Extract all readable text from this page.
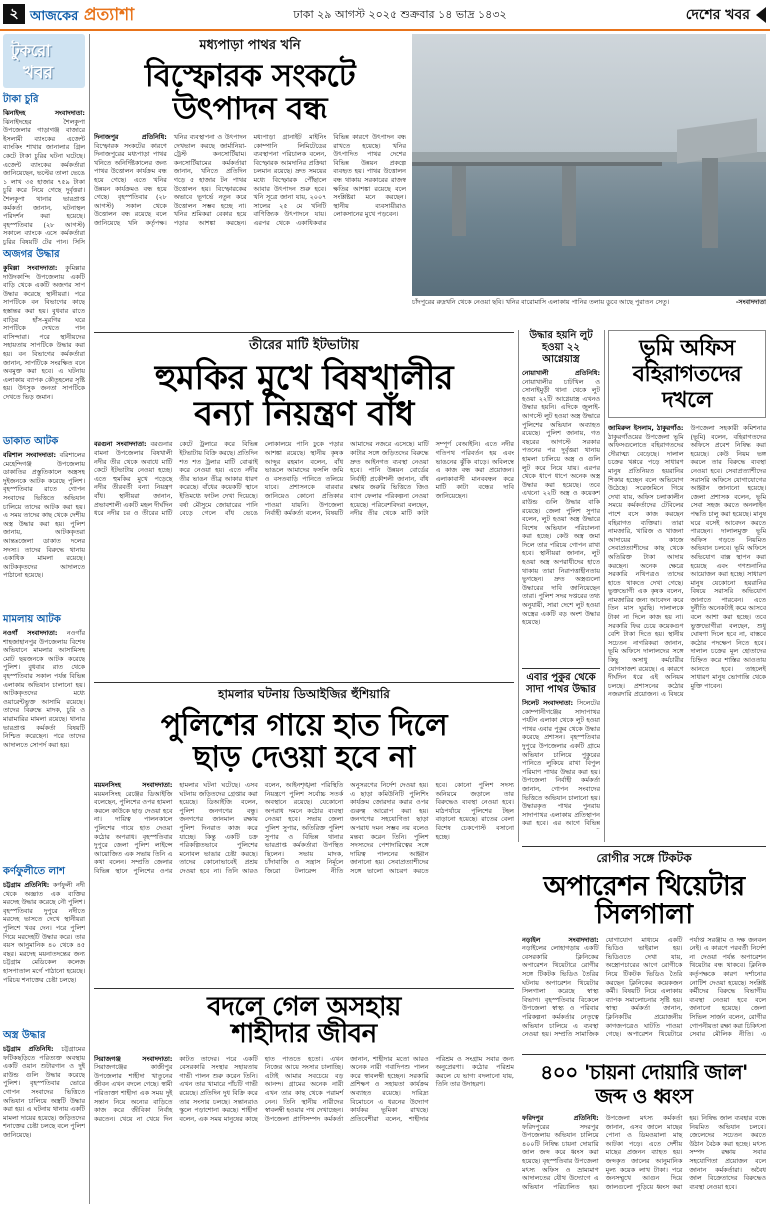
২ আজকের প্রত্যাশা	ঢাকা ২৯ আগস্ট ২০২৫ শুক্রবার ১৪ ভাদ্র ১৪৩২	দেশের খবর
টুকরো
খবর
টাকা চুরি
ঝিনাইদহ সংবাদদাতা: ঝিনাইদহের শৈলকুপা উপজেলার গাড়াগঞ্জ বাজারে ইসলামী ব্যাংকের এজেন্ট ব্যাংকিং শাখার জানালার গ্রিল কেটে টাকা চুরির ঘটনা ঘটেছে। এজেন্ট ব্যাংকের কর্মকর্তারা জানিয়েছেন, ভল্টের তালা ভেঙে ১ লাখ ৩৫ হাজার ৭৫৯ টাকা চুরি করে নিয়ে গেছে দুর্বৃত্তরা। শৈলকুপা থানার ভারপ্রাপ্ত কর্মকর্তা জানান, ঘটনাস্থল পরিদর্শন করা হয়েছে। বৃহস্পতিবার (২৮ আগস্ট) সকালে ব্যাংকে এসে কর্মকর্তারা চুরির বিষয়টি টের পান। সিসি
অজগর উদ্ধার
কুমিল্লা সংবাদদাতা: কুমিল্লার দাউদকান্দি উপজেলায় একটি বাড়ি থেকে একটি অজগর সাপ উদ্ধার করেছে স্থানীয়রা। পরে সাপটিকে বন বিভাগের কাছে হস্তান্তর করা হয়। বুধবার রাতে বাড়ির হাঁস-মুরগির ঘরে সাপটিকে দেখতে পান বাসিন্দারা। পরে স্থানীয়দের সহায়তায় সাপটিকে উদ্ধার করা হয়। বন বিভাগের কর্মকর্তারা জানান, সাপটিকে সংরক্ষিত বনে অবমুক্ত করা হবে। এ ঘটনায় এলাকায় ব্যাপক কৌতূহলের সৃষ্টি হয়। উৎসুক জনতা সাপটিকে দেখতে ভিড় জমান।
ডাকাত আটক
বরিশাল সংবাদদাতা: বরিশালের মেহেন্দিগঞ্জ উপজেলায় ডাকাতির প্রস্তুতিকালে অস্ত্রসহ দুইজনকে আটক করেছে পুলিশ। বৃহস্পতিবার রাতে গোপন সংবাদের ভিত্তিতে অভিযান চালিয়ে তাদের আটক করা হয়। এ সময় তাদের কাছ থেকে দেশীয় অস্ত্র উদ্ধার করা হয়। পুলিশ জানায়, আটককৃতরা আন্তঃজেলা ডাকাত দলের সদস্য। তাদের বিরুদ্ধে থানায় একাধিক মামলা রয়েছে। আটককৃতদের আদালতে পাঠানো হয়েছে।
মামলায় আটক
নওগাঁ সংবাদদাতা: নওগাঁর শাহজাহানপুর উপজেলায় বিশেষ অভিযানে মামলার আসামিসহ মোট ছয়জনকে আটক করেছে পুলিশ। বুধবার রাত থেকে বৃহস্পতিবার সকাল পর্যন্ত বিভিন্ন এলাকায় অভিযান চালানো হয়। আটককৃতদের মধ্যে ওয়ারেন্টভুক্ত আসামি রয়েছে। তাদের বিরুদ্ধে মাদক, চুরি ও মারামারির মামলা রয়েছে। থানার ভারপ্রাপ্ত কর্মকর্তা বিষয়টি নিশ্চিত করেছেন। পরে তাদের আদালতে সোপর্দ করা হয়।
কর্ণফুলীতে লাশ
চট্টগ্রাম প্রতিনিধি: কর্ণফুলী নদী থেকে অজ্ঞাত এক ব্যক্তির মরদেহ উদ্ধার করেছে নৌ পুলিশ। বৃহস্পতিবার দুপুরে নদীতে মরদেহ ভাসতে দেখে স্থানীয়রা পুলিশে খবর দেন। পরে পুলিশ গিয়ে মরদেহটি উদ্ধার করে। তার বয়স আনুমানিক ৪০ থেকে ৪৫ বছর। মরদেহ ময়নাতদন্তের জন্য চট্টগ্রাম মেডিকেল কলেজ হাসপাতাল মর্গে পাঠানো হয়েছে। পরিচয় শনাক্তের চেষ্টা চলছে।
অস্ত্র উদ্ধার
চট্টগ্রাম প্রতিনিধি: চট্টগ্রামের ফটিকছড়িতে পরিত্যক্ত অবস্থায় একটি ওয়ান শুটারগান ও দুই রাউন্ড গুলি উদ্ধার করেছে পুলিশ। বৃহস্পতিবার ভোরে গোপন সংবাদের ভিত্তিতে অভিযান চালিয়ে অস্ত্রটি উদ্ধার করা হয়। এ ঘটনায় থানায় একটি মামলা দায়ের হয়েছে। জড়িতদের শনাক্তের চেষ্টা চলছে বলে পুলিশ জানিয়েছে।
মধ্যপাড়া পাথর খনি
বিস্ফোরক সংকটে
উৎপাদন বন্ধ
দিনাজপুর প্রতিনিধি: বিস্ফোরক সংকটের কারণে দিনাজপুরের মধ্যপাড়া পাথর খনিতে অনির্দিষ্টকালের জন্য পাথর উত্তোলন কার্যক্রম বন্ধ হয়ে গেছে। এতে খনির উন্নয়ন কার্যক্রমও বন্ধ হয়ে গেছে। বৃহস্পতিবার (২৮ আগস্ট) সকাল থেকে উত্তোলন বন্ধ রয়েছে বলে জানিয়েছে খনি কর্তৃপক্ষ। খনির ব্যবস্থাপনা ও উৎপাদন দেখভাল করছে জার্মানিয়া-ট্রেস্ট কনসোর্টিয়াম। কনসোর্টিয়ামের কর্মকর্তারা জানান, খনিতে প্রতিদিন গড়ে ৫ হাজার টন পাথর উত্তোলন হয়। বিস্ফোরকের অভাবে ভূগর্ভে নতুন করে উত্তোলন সম্ভব হচ্ছে না। খনির শ্রমিকরা বেকার হয়ে পড়ার আশঙ্কা করছেন। মধ্যপাড়া গ্রানাইট মাইনিং কোম্পানি লিমিটেডের ব্যবস্থাপনা পরিচালক বলেন, বিস্ফোরক আমদানির প্রক্রিয়া চলমান রয়েছে। দ্রুত সময়ের মধ্যে বিস্ফোরক পৌঁছালে আবার উৎপাদন শুরু হবে। খনি সূত্রে জানা যায়, ২০০৭ সালের ২৫ মে খনিটি বাণিজ্যিক উৎপাদনে যায়। এরপর থেকে একাধিকবার বিভিন্ন কারণে উৎপাদন বন্ধ রাখতে হয়েছে। খনির উৎপাদিত পাথর দেশের বিভিন্ন উন্নয়ন প্রকল্পে ব্যবহৃত হয়। পাথর উত্তোলন বন্ধ থাকায় সরকারের রাজস্ব ক্ষতির আশঙ্কা রয়েছে বলে সংশ্লিষ্টরা মনে করছেন। স্থানীয় ব্যবসায়ীরাও লোকসানের মুখে পড়বেন।
চাঁদপুরের রুদ্রখনি থেকে নেওয়া ছবি। খনির বারোমাসি এলাকায় পানির তলায় ডুবে আছে পুরাতন সেতু।	-সংবাদদাতা
তীরের মাটি ইটভাটায়
হুমকির মুখে বিষখালীর
বন্যা নিয়ন্ত্রণ বাঁধ
বরগুনা সংবাদদাতা: বরগুনার বামনা উপজেলার বিষখালী নদীর তীর থেকে অবাধে মাটি কেটে ইটভাটায় নেওয়া হচ্ছে। এতে হুমকির মুখে পড়েছে নদীর তীরবর্তী বন্যা নিয়ন্ত্রণ বাঁধ। স্থানীয়রা জানান, প্রভাবশালী একটি মহল দীর্ঘদিন ধরে নদীর চর ও তীরের মাটি কেটে ট্রলারে করে বিভিন্ন ইটভাটায় বিক্রি করছে। প্রতিদিন শত শত ট্রলার মাটি বোঝাই করে নেওয়া হয়। এতে নদীর তীর ভাঙন তীব্র আকার ধারণ করেছে। বাঁধের কয়েকটি স্থানে ইতিমধ্যে ফাটল দেখা দিয়েছে। বর্ষা মৌসুমে জোয়ারের পানি বেড়ে গেলে বাঁধ ভেঙে লোকালয়ে পানি ঢুকে পড়ার আশঙ্কা রয়েছে। স্থানীয় কৃষক আব্দুর রহমান বলেন, বাঁধ ভাঙলে আমাদের ফসলি জমি ও বসতবাড়ি পানিতে তলিয়ে যাবে। প্রশাসনকে বারবার জানিয়েও কোনো প্রতিকার পাওয়া যায়নি। উপজেলা নির্বাহী কর্মকর্তা বলেন, বিষয়টি আমাদের নজরে এসেছে। মাটি কাটার সঙ্গে জড়িতদের বিরুদ্ধে দ্রুত আইনগত ব্যবস্থা নেওয়া হবে। পানি উন্নয়ন বোর্ডের নির্বাহী প্রকৌশলী জানান, বাঁধ রক্ষায় জরুরি ভিত্তিতে জিও ব্যাগ ফেলার পরিকল্পনা নেওয়া হয়েছে। পরিবেশবিদরা বলছেন, নদীর তীর থেকে মাটি কাটা সম্পূর্ণ বেআইনি। এতে নদীর গতিপথ পরিবর্তন হয় এবং ভাঙনের ঝুঁকি বাড়ে। অবিলম্বে এ কাজ বন্ধ করা প্রয়োজন। এলাকাবাসী মানববন্ধন করে মাটি কাটা বন্ধের দাবি জানিয়েছেন।
উদ্ধার হয়নি লুট হওয়া ২২ আগ্নেয়াস্ত্র
নোয়াখালী প্রতিনিধি: নোয়াখালীর চাটখিল ও সোনাইমুড়ী থানা থেকে লুট হওয়া ২২টি আগ্নেয়াস্ত্র এখনও উদ্ধার হয়নি। এদিকে জুলাই-আগস্টে লুট হওয়া অস্ত্র উদ্ধারে পুলিশের অভিযান অব্যাহত রয়েছে। পুলিশ জানায়, গত বছরের আগস্টে সরকার পতনের পর দুর্বৃত্তরা থানায় হামলা চালিয়ে অস্ত্র ও গুলি লুট করে নিয়ে যায়। এরপর থেকে ধাপে ধাপে অনেক অস্ত্র উদ্ধার করা হয়েছে। তবে এখনো ২২টি অস্ত্র ও কয়েকশ রাউন্ড গুলি উদ্ধার বাকি রয়েছে। জেলা পুলিশ সুপার বলেন, লুট হওয়া অস্ত্র উদ্ধারে বিশেষ অভিযান পরিচালনা করা হচ্ছে। কেউ অস্ত্র জমা দিলে তার পরিচয় গোপন রাখা হবে। স্থানীয়রা জানান, লুট হওয়া অস্ত্র অপরাধীদের হাতে থাকায় তারা নিরাপত্তাহীনতায় ভুগছেন। দ্রুত অস্ত্রগুলো উদ্ধারের দাবি জানিয়েছেন তারা। পুলিশ সদর দপ্তরের তথ্য অনুযায়ী, সারা দেশে লুট হওয়া অস্ত্রের একটি বড় অংশ উদ্ধার হয়েছে।
এবার পুকুর থেকে সাদা পাথর উদ্ধার
সিলেট সংবাদদাতা: সিলেটের কোম্পানীগঞ্জের সাদাপাথর পর্যটন এলাকা থেকে লুট হওয়া পাথর এবার পুকুর থেকে উদ্ধার করেছে প্রশাসন। বৃহস্পতিবার দুপুরে উপজেলার একটি গ্রামে অভিযান চালিয়ে পুকুরের পানিতে লুকিয়ে রাখা বিপুল পরিমাণ পাথর উদ্ধার করা হয়। উপজেলা নির্বাহী কর্মকর্তা জানান, গোপন সংবাদের ভিত্তিতে অভিযান চালানো হয়। উদ্ধারকৃত পাথর পুনরায় সাদাপাথর এলাকায় প্রতিস্থাপন করা হবে। এর আগে বিভিন্ন
ভূমি অফিস
বহিরাগতদের
দখলে
জামিরুল ইসলাম, ঠাকুরগাঁও: ঠাকুরগাঁওয়ের উপজেলা ভূমি অফিসগুলোতে বহিরাগতদের দৌরাত্ম্য বেড়েছে। দালাল চক্রের খপ্পরে পড়ে সাধারণ মানুষ প্রতিনিয়ত হয়রানির শিকার হচ্ছেন বলে অভিযোগ উঠেছে। সরেজমিনে গিয়ে দেখা যায়, অফিস চলাকালীন সময়ে কর্মকর্তাদের টেবিলের পাশে বসে কাজ করছেন বহিরাগত ব্যক্তিরা। তারা নামজারি, খারিজ ও খাজনা আদায়ের কাজে সেবাপ্রত্যাশীদের কাছ থেকে অতিরিক্ত টাকা আদায় করছেন। অনেক ক্ষেত্রে সরকারি নথিপত্রও তাদের হাতে থাকতে দেখা গেছে। ভুক্তভোগী এক কৃষক বলেন, নামজারির জন্য আবেদন করে তিন মাস ঘুরছি। দালালকে টাকা না দিলে কাজ হয় না। সরকারি ফির চেয়ে কয়েকগুণ বেশি টাকা দিতে হয়। স্থানীয় সচেতন নাগরিকরা জানান, ভূমি অফিসে দালালদের সঙ্গে কিছু অসাধু কর্মচারীর যোগসাজশ রয়েছে। এ কারণে দীর্ঘদিন ধরে এই অনিয়ম চলছে। প্রশাসনের কঠোর নজরদারি প্রয়োজন। এ বিষয়ে উপজেলা সহকারী কমিশনার (ভূমি) বলেন, বহিরাগতদের অফিসে প্রবেশ নিষিদ্ধ করা হয়েছে। কেউ নিয়ম ভঙ্গ করলে তার বিরুদ্ধে ব্যবস্থা নেওয়া হবে। সেবাপ্রত্যাশীদের সরাসরি অফিসে যোগাযোগের আহ্বান জানানো হয়েছে। জেলা প্রশাসক বলেন, ভূমি সেবা সহজ করতে অনলাইন পদ্ধতি চালু করা হয়েছে। মানুষ ঘরে বসেই আবেদন করতে পারছেন। দালালমুক্ত ভূমি অফিস গড়তে নিয়মিত অভিযান চলবে। ভূমি অফিসে অভিযোগ বাক্স স্থাপন করা হয়েছে এবং গণশুনানির আয়োজন করা হচ্ছে। সাধারণ মানুষ যেকোনো হয়রানির বিষয়ে সরাসরি অভিযোগ জানাতে পারবেন। এতে দুর্নীতি অনেকটাই কমে আসবে বলে আশা করা হচ্ছে। তবে ভুক্তভোগীরা বলছেন, শুধু ঘোষণা দিলে হবে না, বাস্তবে কঠোর পদক্ষেপ নিতে হবে। দালাল চক্রের মূল হোতাদের চিহ্নিত করে শাস্তির আওতায় আনতে হবে। তাহলেই সাধারণ মানুষ ভোগান্তি থেকে মুক্তি পাবেন।
হামলার ঘটনায় ডিআইজির হুঁশিয়ারি
পুলিশের গায়ে হাত দিলে
ছাড় দেওয়া হবে না
ময়মনসিংহ সংবাদদাতা: ময়মনসিংহ রেঞ্জের ডিআইজি বলেছেন, পুলিশের ওপর হামলা করলে কাউকে ছাড় দেওয়া হবে না। দায়িত্ব পালনকালে পুলিশের গায়ে হাত দেওয়া কঠোর অপরাধ। বৃহস্পতিবার দুপুরে জেলা পুলিশ লাইন্সে আয়োজিত এক সভায় তিনি এ কথা বলেন। সম্প্রতি জেলার বিভিন্ন স্থানে পুলিশের ওপর হামলার ঘটনা ঘটেছে। এসব ঘটনায় জড়িতদের গ্রেপ্তার করা হয়েছে। ডিআইজি বলেন, পুলিশ জনগণের বন্ধু। জনগণের জানমাল রক্ষায় পুলিশ দিনরাত কাজ করে যাচ্ছে। কিন্তু একটি চক্র পরিকল্পিতভাবে পুলিশের মনোবল ভাঙার চেষ্টা করছে। তাদের কোনোভাবেই প্রশ্রয় দেওয়া হবে না। তিনি আরও বলেন, আইনশৃঙ্খলা পরিস্থিতি নিয়ন্ত্রণে পুলিশ সর্বোচ্চ সতর্ক অবস্থানে রয়েছে। যেকোনো অপরাধ দমনে কঠোর ব্যবস্থা নেওয়া হবে। সভায় জেলা পুলিশ সুপার, অতিরিক্ত পুলিশ সুপার ও বিভিন্ন থানার ভারপ্রাপ্ত কর্মকর্তারা উপস্থিত ছিলেন। সভায় মাদক, চাঁদাবাজি ও সন্ত্রাস নির্মূলে জিরো টলারেন্স নীতি অনুসরণের নির্দেশ দেওয়া হয়। এ ছাড়া কমিউনিটি পুলিশিং কার্যক্রম জোরদার করার ওপর গুরুত্ব আরোপ করা হয়। জনগণের সহযোগিতা ছাড়া অপরাধ দমন সম্ভব নয় বলেও মন্তব্য করেন তিনি। পুলিশ সদস্যদের পেশাদারিত্বের সঙ্গে দায়িত্ব পালনের আহ্বান জানানো হয়। সেবাপ্রত্যাশীদের সঙ্গে ভালো আচরণ করতে হবে। কোনো পুলিশ সদস্য অনিয়মে জড়ালে তার বিরুদ্ধেও ব্যবস্থা নেওয়া হবে। মাঠপর্যায়ে পুলিশের টহল বাড়ানো হয়েছে। রাতের বেলা বিশেষ চেকপোস্ট বসানো হচ্ছে।
রোগীর সঙ্গে টিকটক
অপারেশন থিয়েটার
সিলগালা
নড়াইল সংবাদদাতা: নড়াইলের লোহাগড়ায় একটি বেসরকারি ক্লিনিকের অপারেশন থিয়েটারে রোগীর সঙ্গে টিকটক ভিডিও তৈরির ঘটনায় অপারেশন থিয়েটার সিলগালা করেছে স্বাস্থ্য বিভাগ। বৃহস্পতিবার বিকেলে উপজেলা স্বাস্থ্য ও পরিবার পরিকল্পনা কর্মকর্তার নেতৃত্বে অভিযান চালিয়ে এ ব্যবস্থা নেওয়া হয়। সম্প্রতি সামাজিক যোগাযোগ মাধ্যমে একটি ভিডিও ভাইরাল হয়। ভিডিওতে দেখা যায়, অস্ত্রোপচারের আগে রোগীকে নিয়ে টিকটক ভিডিও তৈরি করছেন ক্লিনিকের কয়েকজন কর্মী। বিষয়টি নিয়ে এলাকায় ব্যাপক সমালোচনার সৃষ্টি হয়। স্বাস্থ্য কর্মকর্তা জানান, ক্লিনিকটির প্রয়োজনীয় কাগজপত্রেও ঘাটতি পাওয়া গেছে। অপারেশন থিয়েটারে পর্যাপ্ত সরঞ্জাম ও দক্ষ জনবল নেই। এ কারণে পরবর্তী নির্দেশ না দেওয়া পর্যন্ত অপারেশন থিয়েটার বন্ধ থাকবে। ক্লিনিক কর্তৃপক্ষকে কারণ দর্শানোর নোটিশ দেওয়া হয়েছে। সংশ্লিষ্ট কর্মীদের বিরুদ্ধে বিভাগীয় ব্যবস্থা নেওয়া হবে বলে জানানো হয়েছে। জেলা সিভিল সার্জন বলেন, রোগীর গোপনীয়তা রক্ষা করা চিকিৎসা সেবার মৌলিক নীতি। এ
বদলে গেল অসহায়
শাহীদার জীবন
সিরাজগঞ্জ সংবাদদাতা: সিরাজগঞ্জের কাজীপুর উপজেলার শাহীদা খাতুনের জীবন এখন বদলে গেছে। স্বামী পরিত্যক্তা শাহীদা এক সময় দুই সন্তান নিয়ে অন্যের বাড়িতে কাজ করে জীবিকা নির্বাহ করতেন। খেয়ে না খেয়ে দিন কাটত তাদের। পরে একটি বেসরকারি সংস্থার সহায়তায় গাভী পালন শুরু করেন তিনি। এখন তার খামারে পাঁচটি গাভী রয়েছে। প্রতিদিন দুধ বিক্রি করে তার সংসার চলছে। সন্তানরাও স্কুলে পড়াশোনা করছে। শাহীদা বলেন, এক সময় মানুষের কাছে হাত পাততে হতো। এখন নিজের আয়ে সংসার চালাচ্ছি। এটাই আমার সবচেয়ে বড় আনন্দ। গ্রামের অনেক নারী এখন তার কাছ থেকে পরামর্শ নেন। তিনি স্থানীয় নারীদের স্বাবলম্বী হওয়ার পথ দেখাচ্ছেন। উপজেলা প্রাণিসম্পদ কর্মকর্তা জানান, শাহীদার মতো আরও অনেক নারী গবাদিপশু পালন করে স্বাবলম্বী হচ্ছেন। সরকারি প্রশিক্ষণ ও সহায়তা কার্যক্রম অব্যাহত রয়েছে। দারিদ্র্য বিমোচনে এ ধরনের উদ্যোগ কার্যকর ভূমিকা রাখছে। প্রতিবেশীরা বলেন, শাহীদার পরিশ্রম ও সংগ্রাম সবার জন্য অনুপ্রেরণা। কঠোর পরিশ্রম করলে যে ভাগ্য বদলানো যায়, তিনি তার উদাহরণ।
৪০০ 'চায়না দোয়ারি জাল' জব্দ ও ধ্বংস
ফরিদপুর প্রতিনিধি: ফরিদপুরের সদরপুর উপজেলায় অভিযান চালিয়ে ৪০০টি নিষিদ্ধ চায়না দোয়ারি জাল জব্দ করে ধ্বংস করা হয়েছে। বৃহস্পতিবার উপজেলা মৎস্য অফিস ও ভ্রাম্যমাণ আদালতের যৌথ উদ্যোগে এ অভিযান পরিচালিত হয়। উপজেলা মৎস্য কর্মকর্তা জানান, এসব জালে মাছের পোনা ও ডিমওয়ালা মাছ আটকা পড়ে। এতে দেশীয় মাছের প্রজনন ব্যাহত হয়। জব্দকৃত জালের আনুমানিক মূল্য কয়েক লাখ টাকা। পরে জনসম্মুখে আগুন দিয়ে জালগুলো পুড়িয়ে ধ্বংস করা হয়। নিষিদ্ধ জাল ব্যবহার বন্ধে নিয়মিত অভিযান চলবে। জেলেদের সচেতন করতে উঠান বৈঠক করা হচ্ছে। মৎস্য সম্পদ রক্ষায় সবার সহযোগিতা প্রয়োজন বলে জানান কর্মকর্তারা। অবৈধ জাল বিক্রেতাদের বিরুদ্ধেও ব্যবস্থা নেওয়া হবে।
